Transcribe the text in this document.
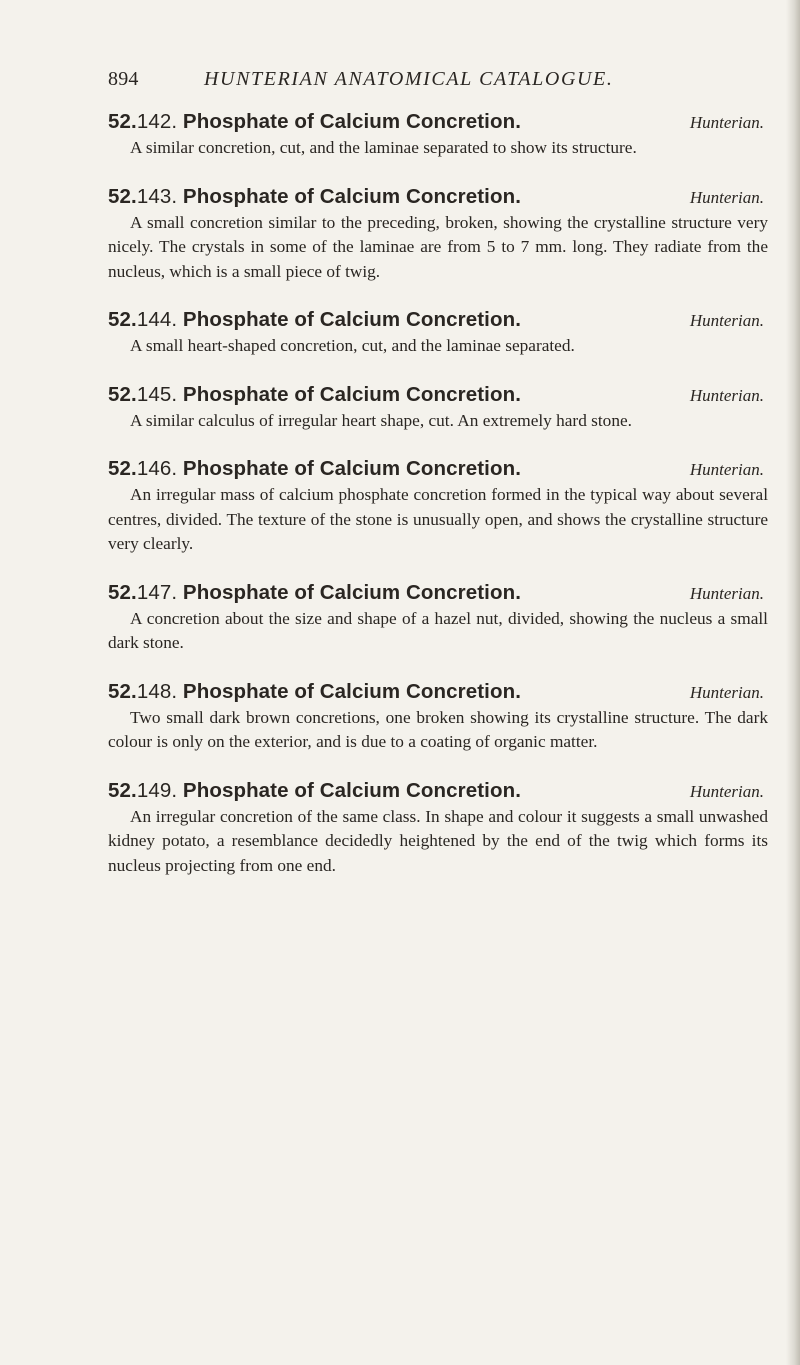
894	HUNTERIAN ANATOMICAL CATALOGUE.
52.142. Phosphate of Calcium Concretion.	Hunterian.
A similar concretion, cut, and the laminae separated to show its structure.
52.143. Phosphate of Calcium Concretion.	Hunterian.
A small concretion similar to the preceding, broken, showing the crystalline structure very nicely. The crystals in some of the laminae are from 5 to 7 mm. long. They radiate from the nucleus, which is a small piece of twig.
52.144. Phosphate of Calcium Concretion.	Hunterian.
A small heart-shaped concretion, cut, and the laminae separated.
52.145. Phosphate of Calcium Concretion.	Hunterian.
A similar calculus of irregular heart shape, cut. An extremely hard stone.
52.146. Phosphate of Calcium Concretion.	Hunterian.
An irregular mass of calcium phosphate concretion formed in the typical way about several centres, divided. The texture of the stone is unusually open, and shows the crystalline structure very clearly.
52.147. Phosphate of Calcium Concretion.	Hunterian.
A concretion about the size and shape of a hazel nut, divided, showing the nucleus a small dark stone.
52.148. Phosphate of Calcium Concretion.	Hunterian.
Two small dark brown concretions, one broken showing its crystalline structure. The dark colour is only on the exterior, and is due to a coating of organic matter.
52.149. Phosphate of Calcium Concretion.	Hunterian.
An irregular concretion of the same class. In shape and colour it suggests a small unwashed kidney potato, a resemblance decidedly heightened by the end of the twig which forms its nucleus projecting from one end.
